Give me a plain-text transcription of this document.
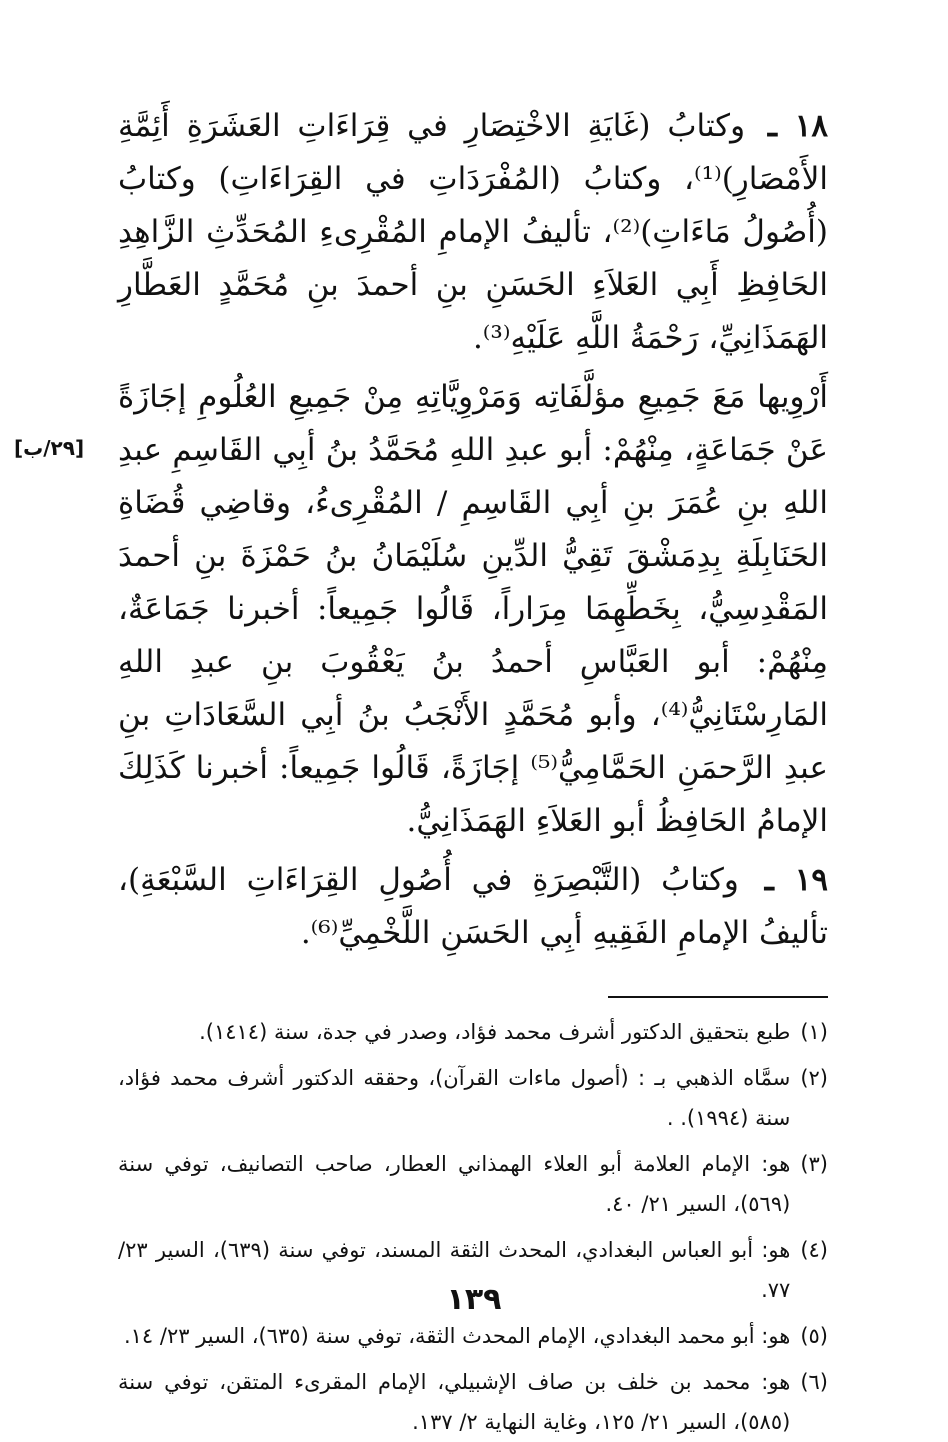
[٢٩/ب]

١٨ ـ وكتابُ (غَايَةِ الاخْتِصَارِ في قِرَاءَاتِ العَشَرَةِ أَئِمَّةِ الأَمْصَارِ)⁽¹⁾، وكتابُ (المُفْرَدَاتِ في القِرَاءَاتِ) وكتابُ (أُصُولُ مَاءَاتِ)⁽²⁾، تأليفُ الإمامِ المُقْرِىءِ المُحَدِّثِ الزَّاهِدِ الحَافِظِ أَبِي العَلاَءِ الحَسَنِ بنِ أحمدَ بنِ مُحَمَّدٍ العَطَّارِ الهَمَذَانِيِّ، رَحْمَةُ اللَّهِ عَلَيْهِ⁽³⁾.

أَرْوِيها مَعَ جَمِيعِ مؤلَّفَاتِه وَمَرْوِيَّاتِهِ مِنْ جَمِيعِ العُلُومِ إجَازَةً عَنْ جَمَاعَةٍ، مِنْهُمْ: أبو عبدِ اللهِ مُحَمَّدُ بنُ أبِي القَاسِمِ عبدِ اللهِ بنِ عُمَرَ بنِ أبِي القَاسِمِ / المُقْرِىءُ، وقاضِي قُضَاةِ الحَنَابِلَةِ بِدِمَشْقَ تَقِيُّ الدِّينِ سُلَيْمَانُ بنُ حَمْزَةَ بنِ أحمدَ المَقْدِسِيُّ، بِخَطِّهِمَا مِرَاراً، قَالُوا جَمِيعاً: أخبرنا جَمَاعَةٌ، مِنْهُمْ: أبو العَبَّاسِ أحمدُ بنُ يَعْقُوبَ بنِ عبدِ اللهِ المَارِسْتَانِيُّ⁽⁴⁾، وأبو مُحَمَّدٍ الأَنْجَبُ بنُ أبِي السَّعَادَاتِ بنِ عبدِ الرَّحمَنِ الحَمَّامِيُّ⁽⁵⁾ إجَازَةً، قَالُوا جَمِيعاً: أخبرنا كَذَلِكَ الإمامُ الحَافِظُ أبو العَلاَءِ الهَمَذَانِيُّ.

١٩ ـ وكتابُ (التَّبْصِرَةِ في أُصُولِ القِرَاءَاتِ السَّبْعَةِ)، تأليفُ الإمامِ الفَقِيهِ أبِي الحَسَنِ اللَّخْمِيِّ⁽⁶⁾.

(١)
طبع بتحقيق الدكتور أشرف محمد فؤاد، وصدر في جدة، سنة (١٤١٤).
(٢)
سمَّاه الذهبي بـ : (أصول ماءات القرآن)، وحققه الدكتور أشرف محمد فؤاد، سنة (١٩٩٤). .
(٣)
هو: الإمام العلامة أبو العلاء الهمذاني العطار، صاحب التصانيف، توفي سنة (٥٦٩)، السير ٢١/ ٤٠.
(٤)
هو: أبو العباس البغدادي، المحدث الثقة المسند، توفي سنة (٦٣٩)، السير ٢٣/ ٧٧.
(٥)
هو: أبو محمد البغدادي، الإمام المحدث الثقة، توفي سنة (٦٣٥)، السير ٢٣/ ١٤.
(٦)
هو: محمد بن خلف بن صاف الإشبيلي، الإمام المقرىء المتقن، توفي سنة (٥٨٥)، السير ٢١/ ١٢٥، وغاية النهاية ٢/ ١٣٧.
١٣٩
